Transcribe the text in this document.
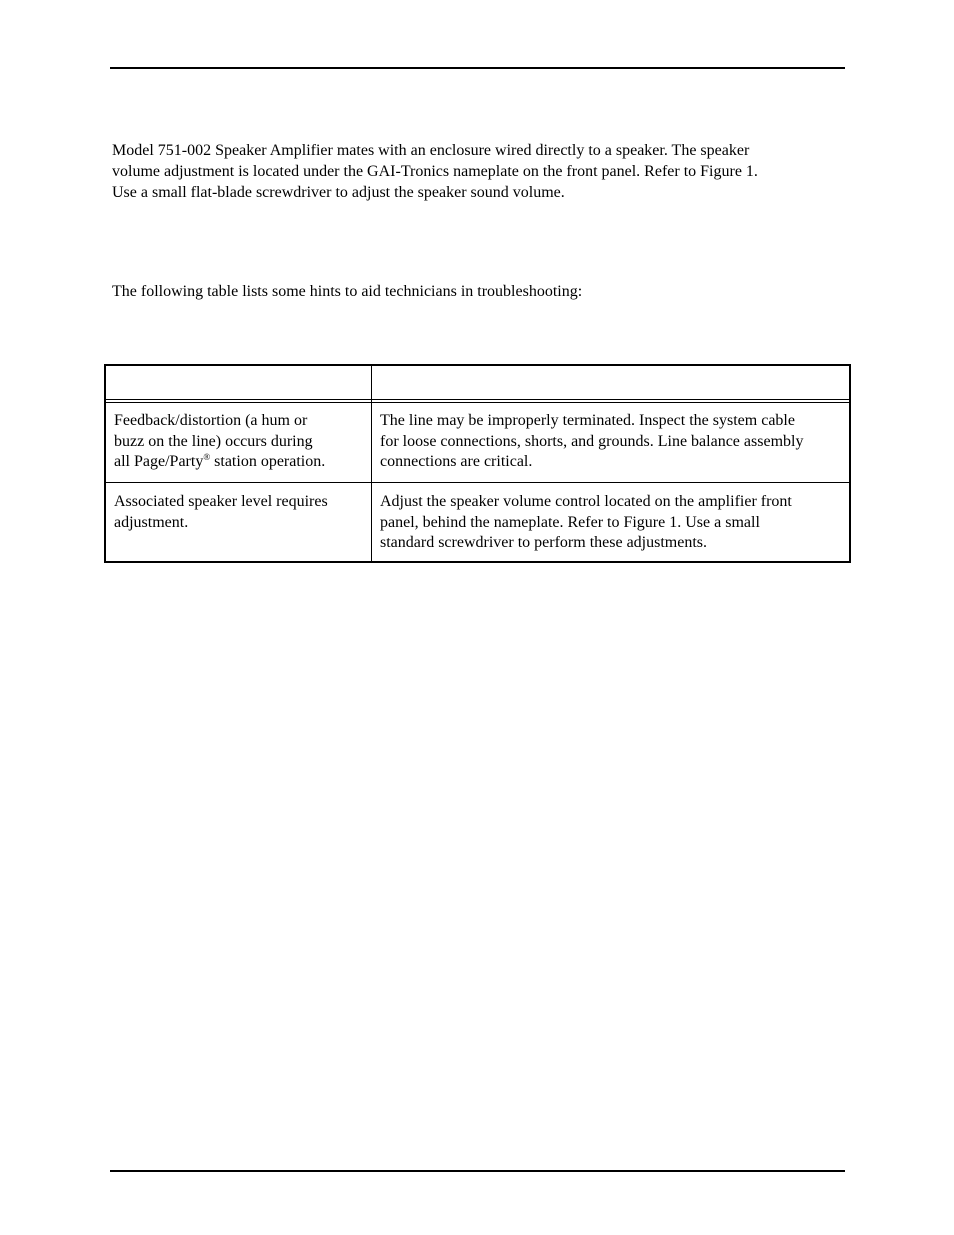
Model 751-002 Speaker Amplifier mates with an enclosure wired directly to a speaker. The speaker
volume adjustment is located under the GAI-Tronics nameplate on the front panel. Refer to Figure 1.
Use a small flat-blade screwdriver to adjust the speaker sound volume.

The following table lists some hints to aid technicians in troubleshooting:

Feedback/distortion (a hum or
buzz on the line) occurs during
all Page/Party® station operation.
The line may be improperly terminated. Inspect the system cable
for loose connections, shorts, and grounds. Line balance assembly
connections are critical.
Associated speaker level requires
adjustment.
Adjust the speaker volume control located on the amplifier front
panel, behind the nameplate. Refer to Figure 1. Use a small
standard screwdriver to perform these adjustments.
